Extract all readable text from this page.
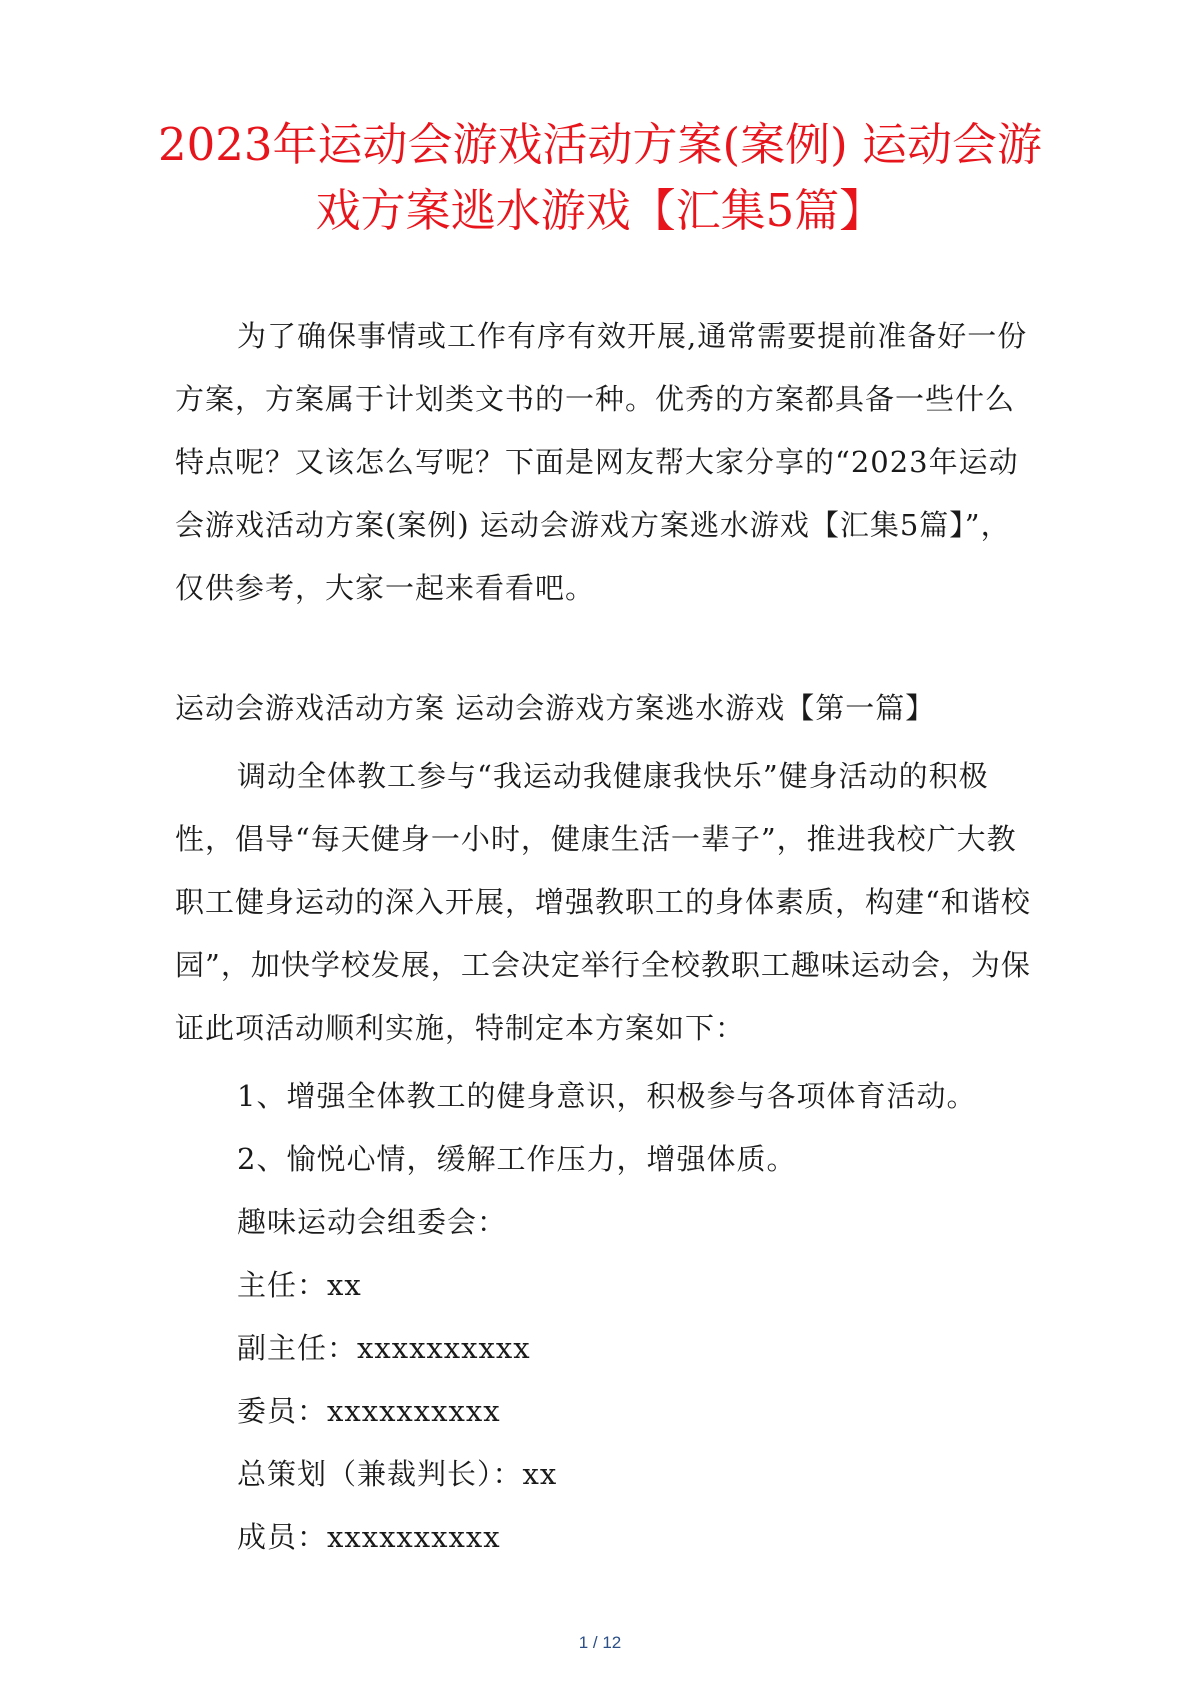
2023年运动会游戏活动方案(案例) 运动会游戏方案逃水游戏【汇集5篇】

为了确保事情或工作有序有效开展,通常需要提前准备好一份方案，方案属于计划类文书的一种。优秀的方案都具备一些什么特点呢？又该怎么写呢？下面是网友帮大家分享的“2023年运动会游戏活动方案(案例) 运动会游戏方案逃水游戏【汇集5篇】”，仅供参考，大家一起来看看吧。

运动会游戏活动方案 运动会游戏方案逃水游戏【第一篇】

调动全体教工参与“我运动我健康我快乐”健身活动的积极性，倡导“每天健身一小时，健康生活一辈子”，推进我校广大教职工健身运动的深入开展，增强教职工的身体素质，构建“和谐校园”，加快学校发展，工会决定举行全校教职工趣味运动会，为保证此项活动顺利实施，特制定本方案如下：

1、增强全体教工的健身意识，积极参与各项体育活动。
2、愉悦心情，缓解工作压力，增强体质。
趣味运动会组委会：
主任：xx
副主任：xxxxxxxxxx
委员：xxxxxxxxxx
总策划（兼裁判长）：xx
成员：xxxxxxxxxx
1 / 12
